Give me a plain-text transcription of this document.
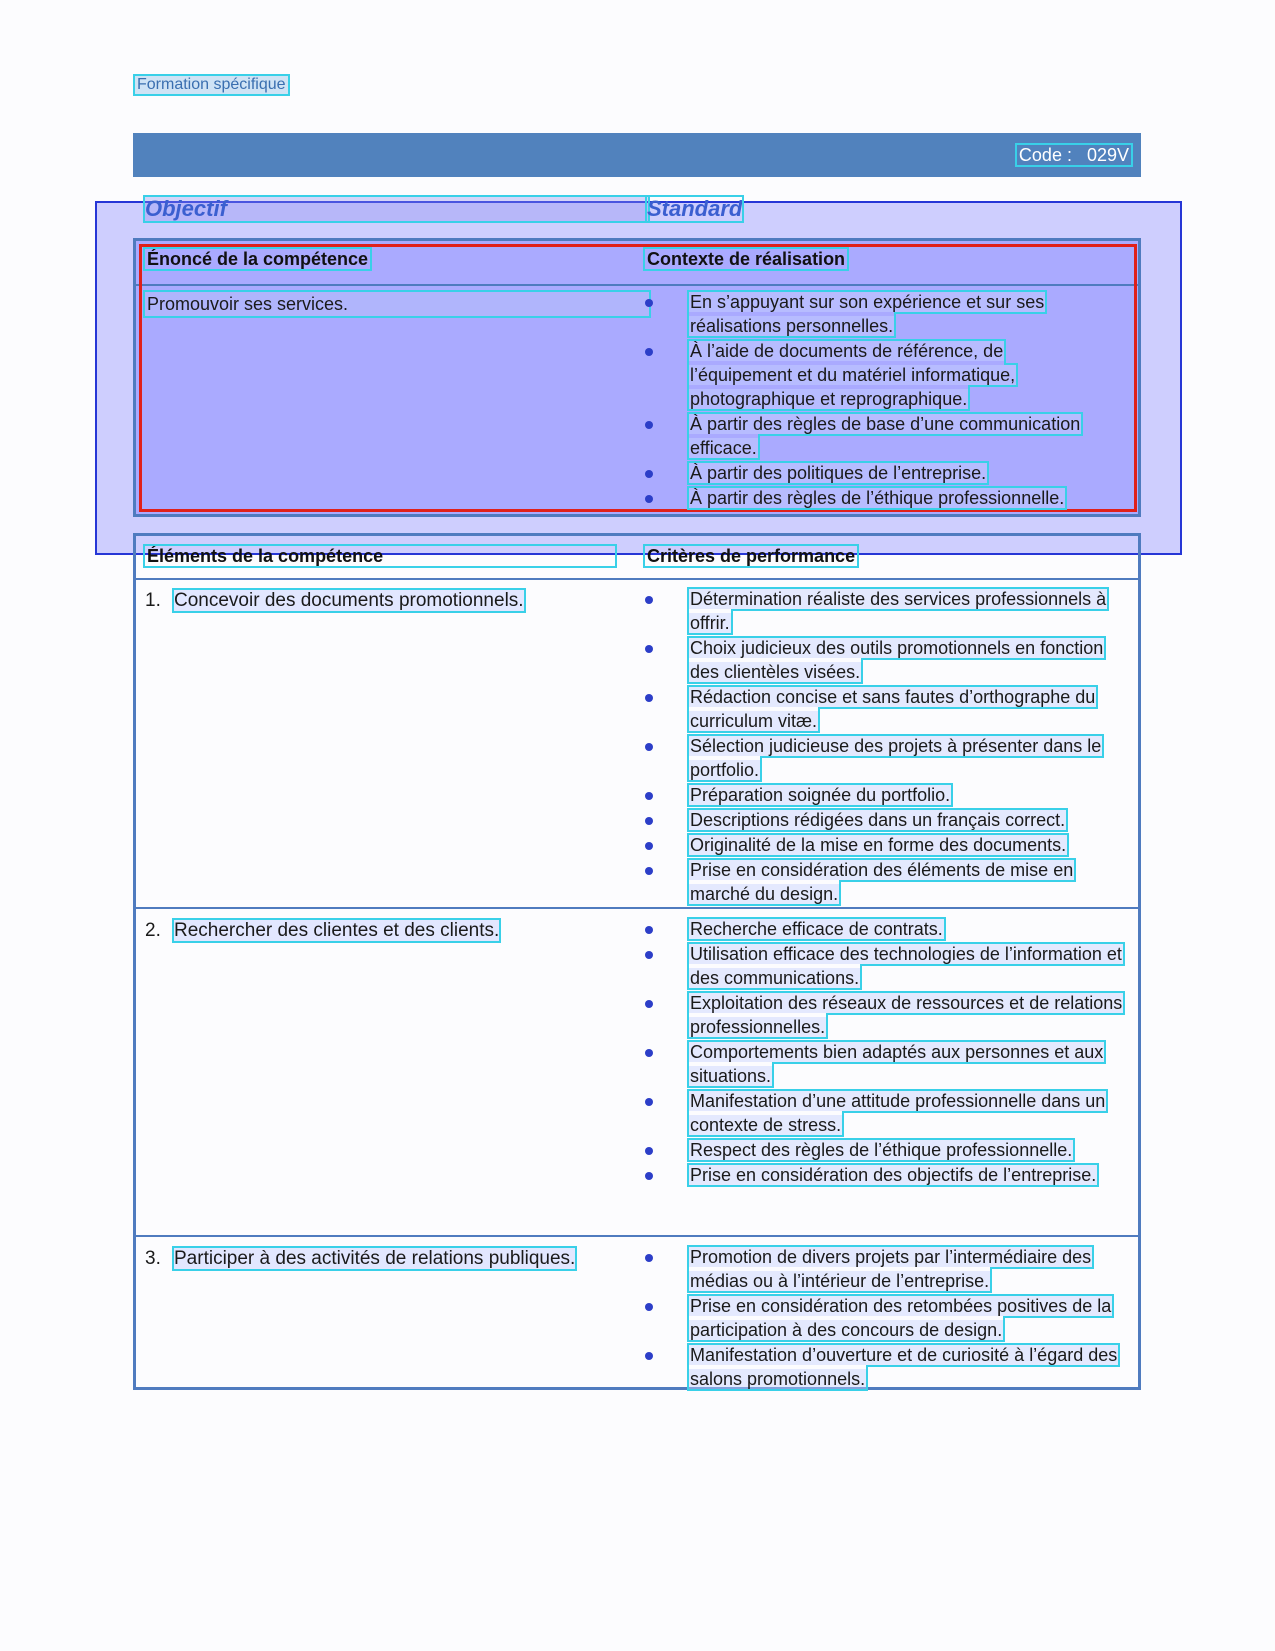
Formation spécifique
Code :   029V
Objectif	Standard
Énoncé de la compétence	Contexte de réalisation
Promouvoir ses services.	En s’appuyant sur son expérience et sur ses réalisations personnelles.
À l’aide de documents de référence, de l’équipement et du matériel informatique, photographique et reprographique.
À partir des règles de base d’une communication efficace.
À partir des politiques de l’entreprise.
À partir des règles de l’éthique professionnelle.
Éléments de la compétence	Critères de performance
1. Concevoir des documents promotionnels.	Détermination réaliste des services professionnels à offrir.
Choix judicieux des outils promotionnels en fonction des clientèles visées.
Rédaction concise et sans fautes d’orthographe du curriculum vitæ.
Sélection judicieuse des projets à présenter dans le portfolio.
Préparation soignée du portfolio.
Descriptions rédigées dans un français correct.
Originalité de la mise en forme des documents.
Prise en considération des éléments de mise en marché du design.
2. Rechercher des clientes et des clients.	Recherche efficace de contrats.
Utilisation efficace des technologies de l’information et des communications.
Exploitation des réseaux de ressources et de relations professionnelles.
Comportements bien adaptés aux personnes et aux situations.
Manifestation d’une attitude professionnelle dans un contexte de stress.
Respect des règles de l’éthique professionnelle.
Prise en considération des objectifs de l’entreprise.
3. Participer à des activités de relations publiques.	Promotion de divers projets par l’intermédiaire des médias ou à l’intérieur de l’entreprise.
Prise en considération des retombées positives de la participation à des concours de design.
Manifestation d’ouverture et de curiosité à l’égard des salons promotionnels.
